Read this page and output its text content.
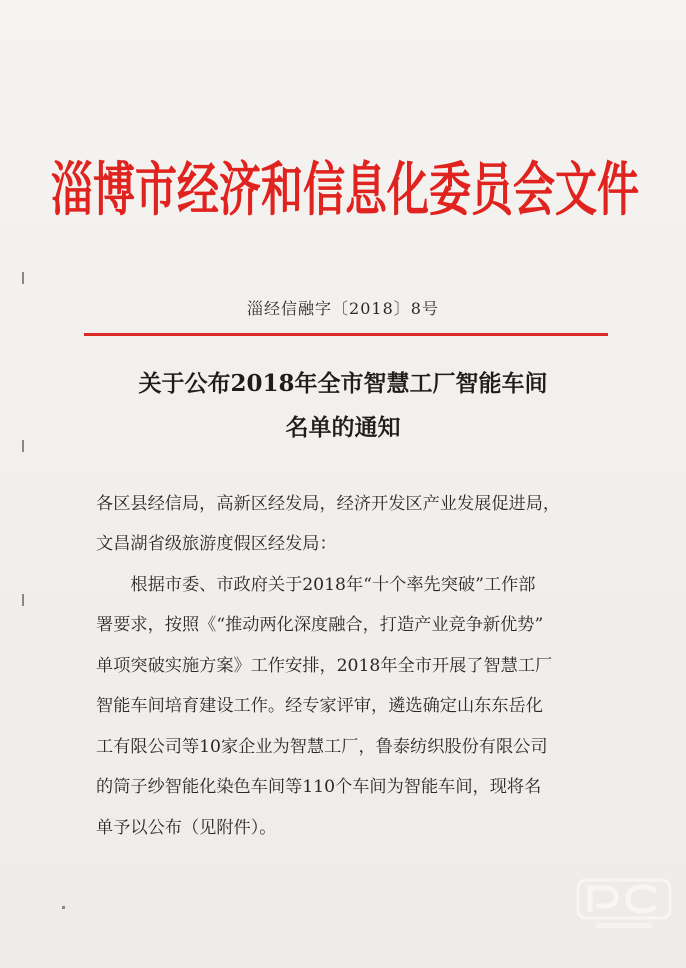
淄博市经济和信息化委员会文件
淄经信融字〔2018〕8号
关于公布2018年全市智慧工厂智能车间
名单的通知
各区县经信局，高新区经发局，经济开发区产业发展促进局，
文昌湖省级旅游度假区经发局：
　　根据市委、市政府关于2018年“十个率先突破”工作部
署要求，按照《“推动两化深度融合，打造产业竞争新优势”
单项突破实施方案》工作安排，2018年全市开展了智慧工厂
智能车间培育建设工作。经专家评审，遴选确定山东东岳化
工有限公司等10家企业为智慧工厂，鲁泰纺织股份有限公司
的筒子纱智能化染色车间等110个车间为智能车间，现将名
单予以公布（见附件）。
